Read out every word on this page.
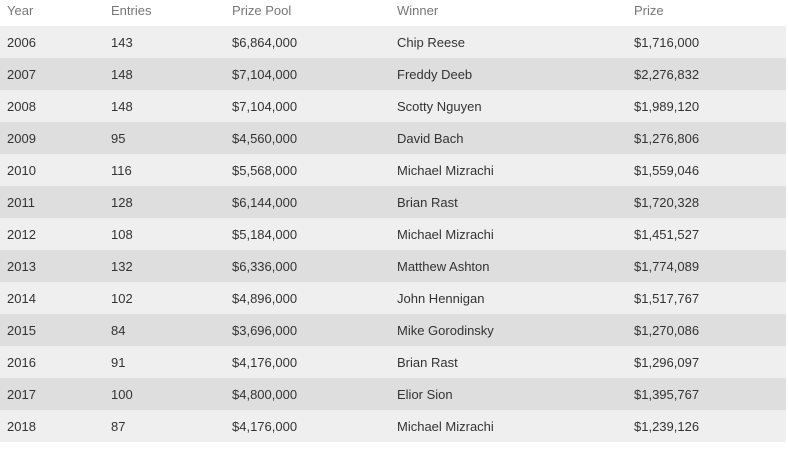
Year	Entries	Prize Pool	Winner	Prize
2006	143	$6,864,000	Chip Reese	$1,716,000
2007	148	$7,104,000	Freddy Deeb	$2,276,832
2008	148	$7,104,000	Scotty Nguyen	$1,989,120
2009	95	$4,560,000	David Bach	$1,276,806
2010	116	$5,568,000	Michael Mizrachi	$1,559,046
2011	128	$6,144,000	Brian Rast	$1,720,328
2012	108	$5,184,000	Michael Mizrachi	$1,451,527
2013	132	$6,336,000	Matthew Ashton	$1,774,089
2014	102	$4,896,000	John Hennigan	$1,517,767
2015	84	$3,696,000	Mike Gorodinsky	$1,270,086
2016	91	$4,176,000	Brian Rast	$1,296,097
2017	100	$4,800,000	Elior Sion	$1,395,767
2018	87	$4,176,000	Michael Mizrachi	$1,239,126
